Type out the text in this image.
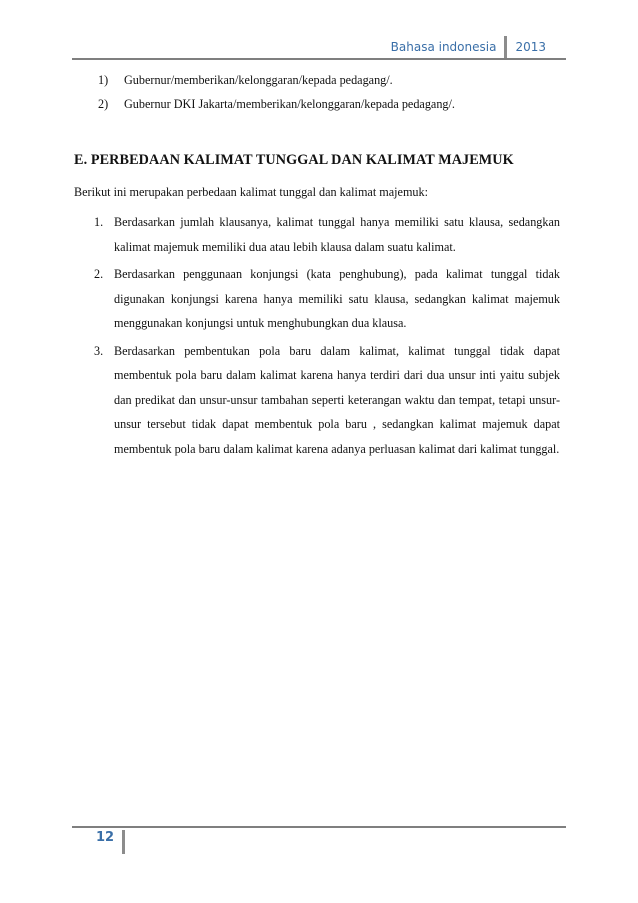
Bahasa indonesia	2013
1)	Gubernur/memberikan/kelonggaran/kepada pedagang/.
2)	Gubernur DKI Jakarta/memberikan/kelonggaran/kepada pedagang/.
E. PERBEDAAN KALIMAT TUNGGAL DAN KALIMAT MAJEMUK

Berikut ini merupakan perbedaan kalimat tunggal dan kalimat majemuk:

1. Berdasarkan jumlah klausanya, kalimat tunggal hanya memiliki satu klausa, sedangkan kalimat majemuk memiliki dua atau lebih klausa dalam suatu kalimat.
2. Berdasarkan penggunaan konjungsi (kata penghubung), pada kalimat tunggal tidak digunakan konjungsi karena hanya memiliki satu klausa, sedangkan kalimat majemuk menggunakan konjungsi untuk menghubungkan dua klausa.
3. Berdasarkan pembentukan pola baru dalam kalimat, kalimat tunggal tidak dapat membentuk pola baru dalam kalimat karena hanya terdiri dari dua unsur inti yaitu subjek dan predikat dan unsur-unsur tambahan seperti keterangan waktu dan tempat, tetapi unsur-unsur tersebut tidak dapat membentuk pola baru , sedangkan kalimat majemuk dapat membentuk pola baru dalam kalimat karena adanya perluasan kalimat dari kalimat tunggal.
12
